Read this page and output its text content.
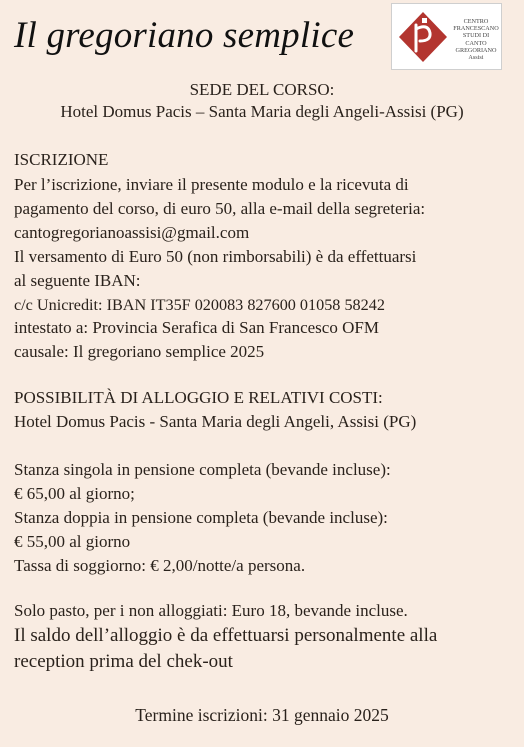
Il gregoriano semplice	CENTRO
FRANCESCANO
STUDI DI CANTO
GREGORIANO
Assisi
SEDE DEL CORSO:
Hotel Domus Pacis – Santa Maria degli Angeli-Assisi (PG)
ISCRIZIONE
Per l’iscrizione, inviare il presente modulo e la ricevuta di
pagamento del corso, di euro 50, alla e-mail della segreteria:
cantogregorianoassisi@gmail.com
Il versamento di Euro 50 (non rimborsabili) è da effettuarsi
al seguente IBAN:
c/c Unicredit: IBAN IT35F 020083 827600 01058 58242
intestato a: Provincia Serafica di San Francesco OFM
causale: Il gregoriano semplice 2025
POSSIBILITÀ DI ALLOGGIO E RELATIVI COSTI:
Hotel Domus Pacis - Santa Maria degli Angeli, Assisi (PG)
Stanza singola in pensione completa (bevande incluse):
€ 65,00 al giorno;
Stanza doppia in pensione completa (bevande incluse):
€ 55,00 al giorno
Tassa di soggiorno: € 2,00/notte/a persona.
Solo pasto, per i non alloggiati: Euro 18, bevande incluse.
Il saldo dell’alloggio è da effettuarsi personalmente alla
reception prima del chek-out
Termine iscrizioni: 31 gennaio 2025
